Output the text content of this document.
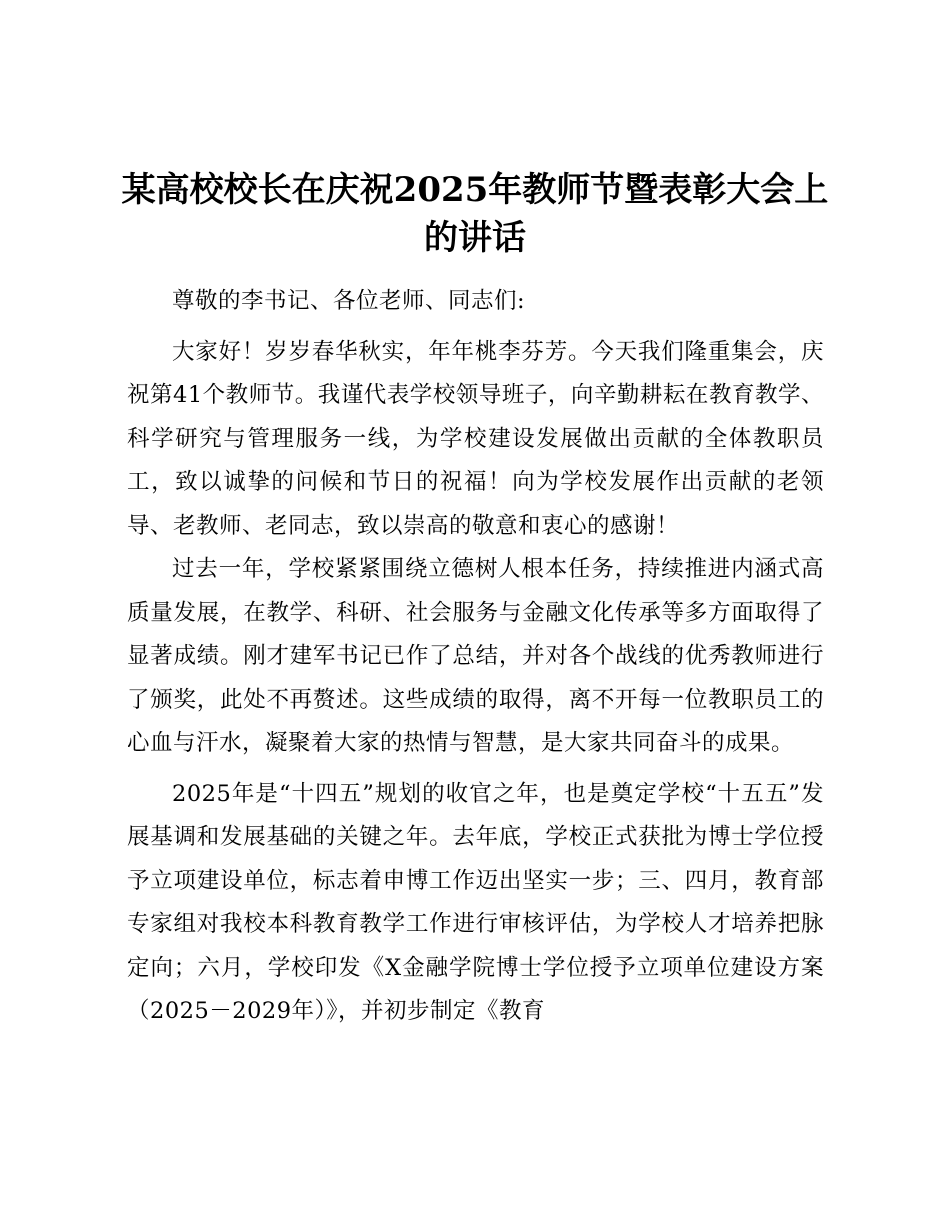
某高校校长在庆祝2025年教师节暨表彰大会上的讲话

尊敬的李书记、各位老师、同志们:

大家好！岁岁春华秋实，年年桃李芬芳。今天我们隆重集会，庆祝第41个教师节。我谨代表学校领导班子，向辛勤耕耘在教育教学、科学研究与管理服务一线，为学校建设发展做出贡献的全体教职员工，致以诚挚的问候和节日的祝福！向为学校发展作出贡献的老领导、老教师、老同志，致以崇高的敬意和衷心的感谢！

过去一年，学校紧紧围绕立德树人根本任务，持续推进内涵式高质量发展，在教学、科研、社会服务与金融文化传承等多方面取得了显著成绩。刚才建军书记已作了总结，并对各个战线的优秀教师进行了颁奖，此处不再赘述。这些成绩的取得，离不开每一位教职员工的心血与汗水，凝聚着大家的热情与智慧，是大家共同奋斗的成果。

2025年是“十四五”规划的收官之年，也是奠定学校“十五五”发展基调和发展基础的关键之年。去年底，学校正式获批为博士学位授予立项建设单位，标志着申博工作迈出坚实一步；三、四月，教育部专家组对我校本科教育教学工作进行审核评估，为学校人才培养把脉定向；六月，学校印发《X金融学院博士学位授予立项单位建设方案（2025－2029年）》，并初步制定《教育
